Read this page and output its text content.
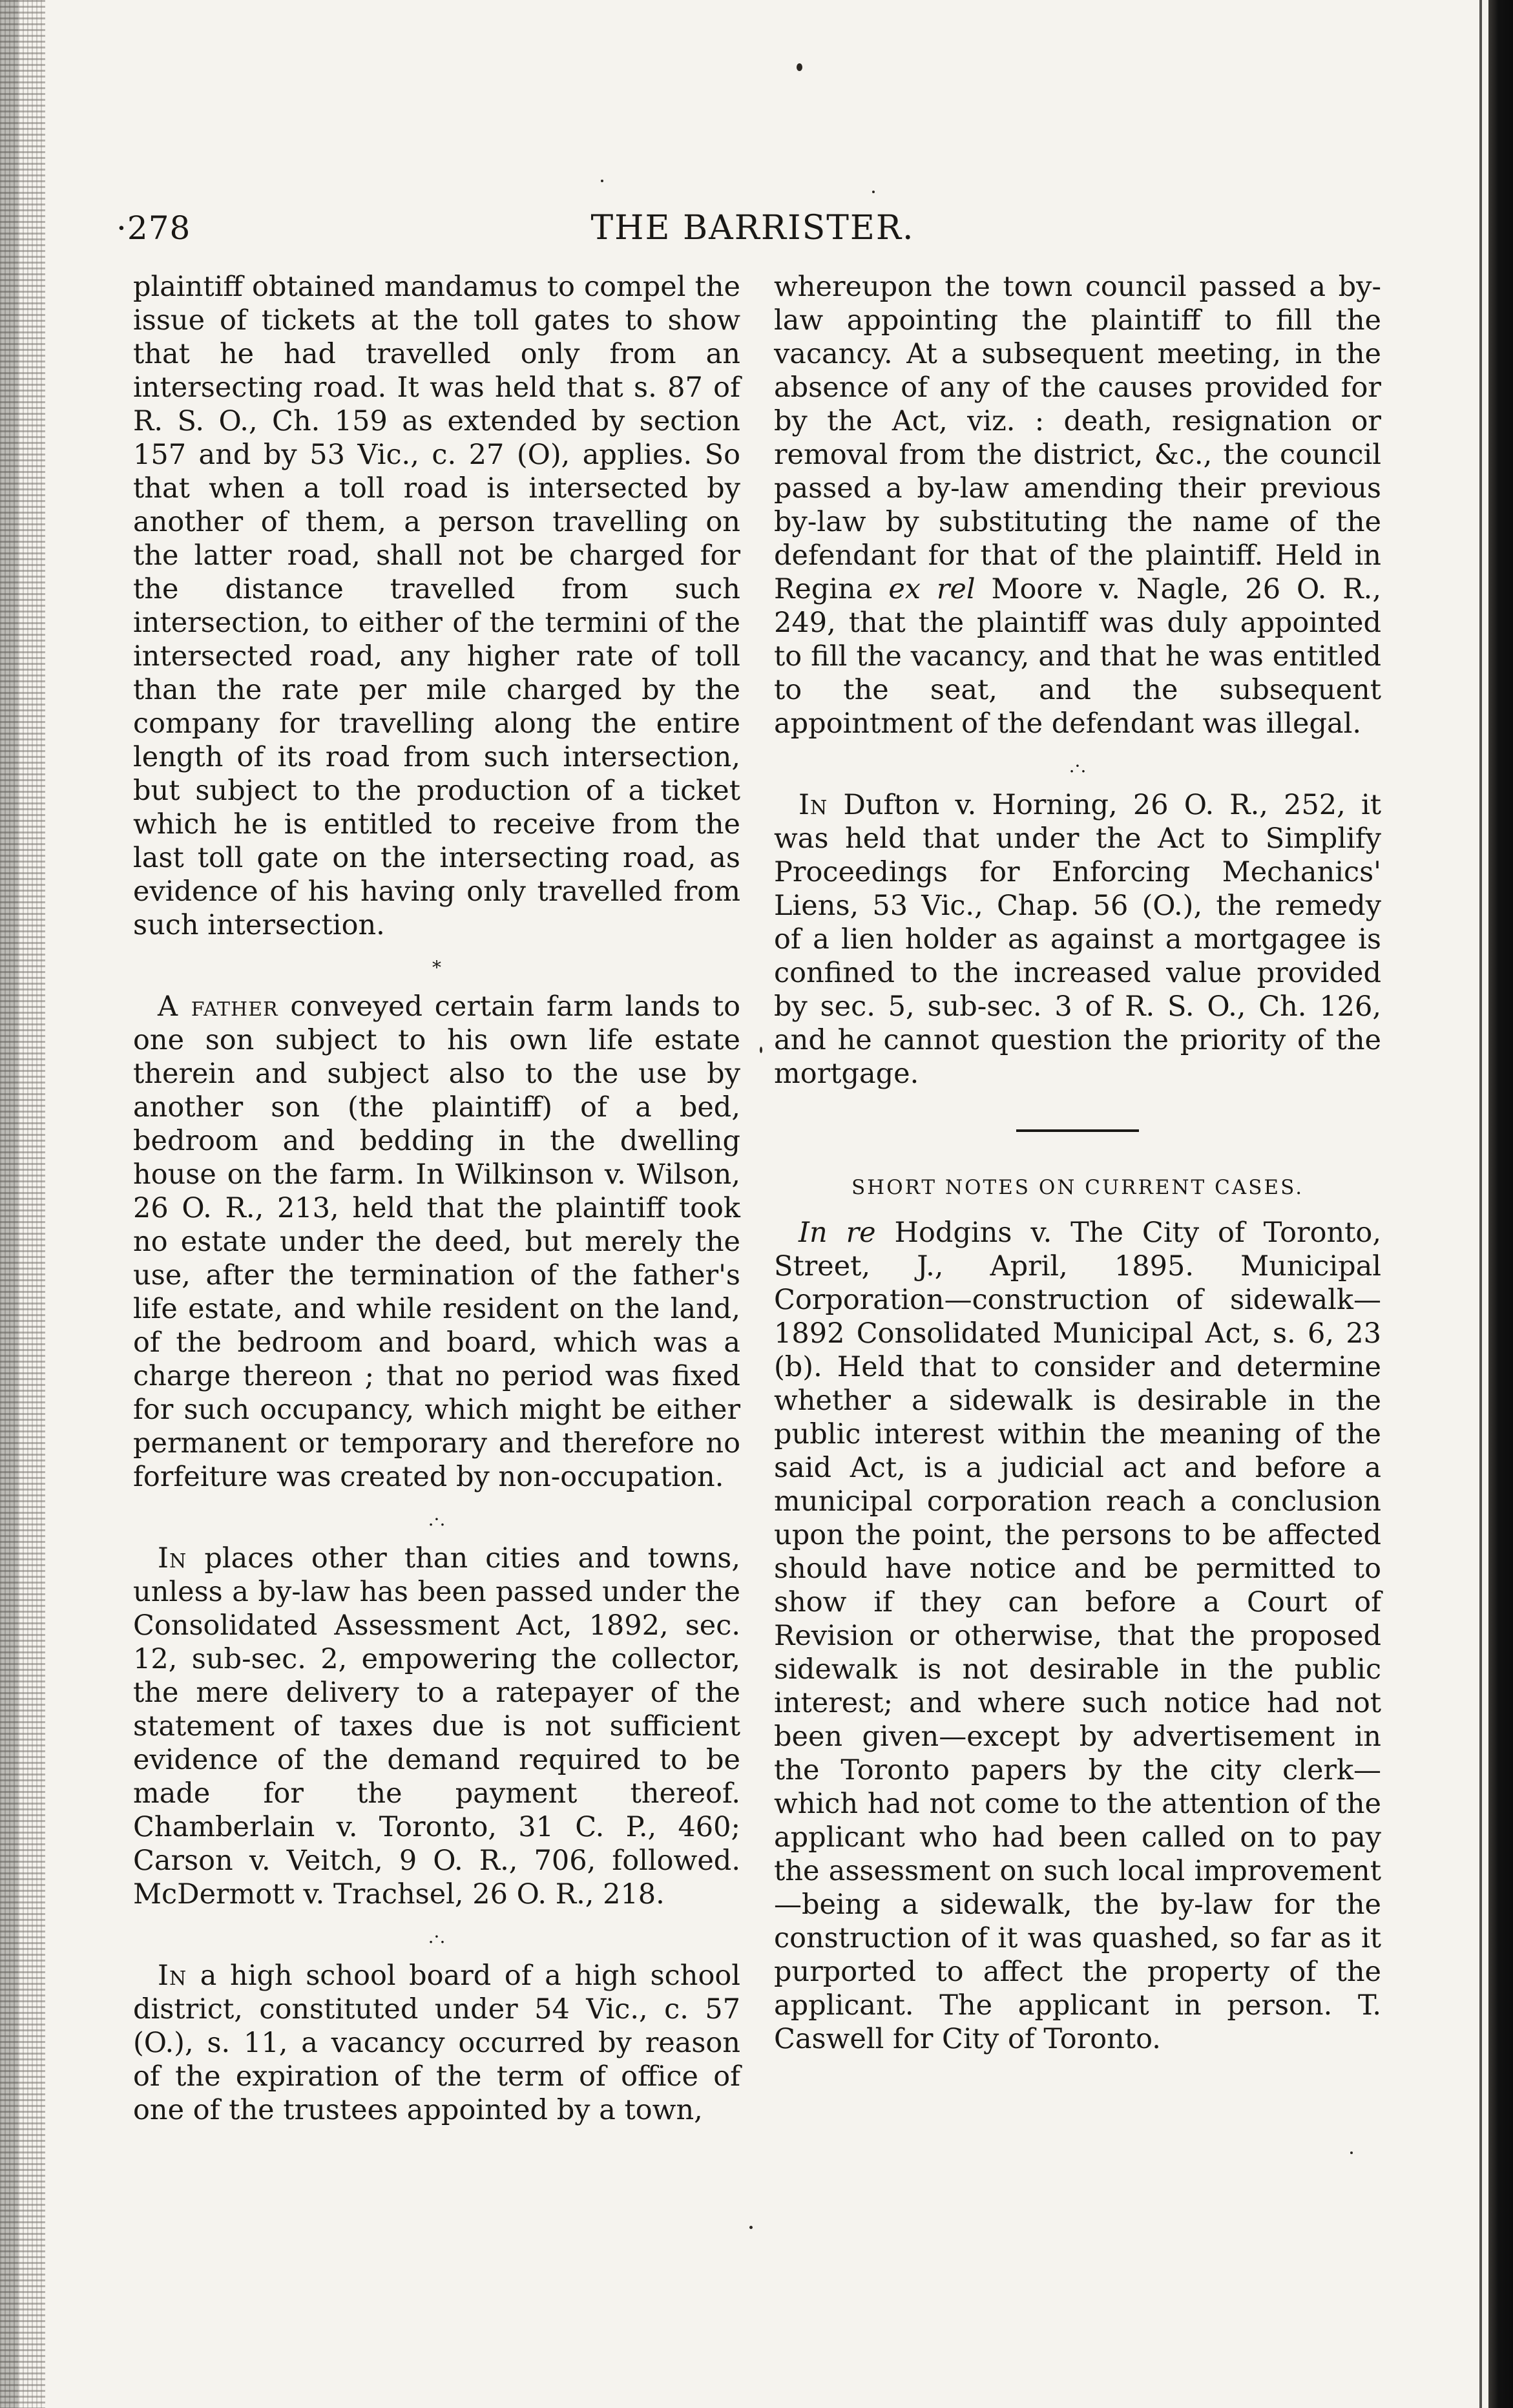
·278	THE BARRISTER.

plaintiff obtained mandamus to compel the issue of tickets at the toll gates to show that he had travelled only from an intersecting road. It was held that s. 87 of R. S. O., Ch. 159 as extended by section 157 and by 53 Vic., c. 27 (O), applies. So that when a toll road is intersected by another of them, a person travelling on the latter road, shall not be charged for the distance travelled from such intersection, to either of the termini of the intersected road, any higher rate of toll than the rate per mile charged by the company for travelling along the entire length of its road from such intersection, but subject to the production of a ticket which he is entitled to receive from the last toll gate on the intersecting road, as evidence of his having only travelled from such intersection.

*

A father conveyed certain farm lands to one son subject to his own life estate therein and subject also to the use by another son (the plaintiff) of a bed, bedroom and bedding in the dwelling house on the farm. In Wilkinson v. Wilson, 26 O. R., 213, held that the plaintiff took no estate under the deed, but merely the use, after the termination of the father's life estate, and while resident on the land, of the bedroom and board, which was a charge thereon ; that no period was fixed for such occupancy, which might be either permanent or temporary and therefore no forfeiture was created by non-occupation.

.·.

In places other than cities and towns, unless a by-law has been passed under the Consolidated Assessment Act, 1892, sec. 12, sub-sec. 2, empowering the collector, the mere delivery to a ratepayer of the statement of taxes due is not sufficient evidence of the demand required to be made for the payment thereof. Chamberlain v. Toronto, 31 C. P., 460; Carson v. Veitch, 9 O. R., 706, followed. McDermott v. Trachsel, 26 O. R., 218.

.·.

In a high school board of a high school district, constituted under 54 Vic., c. 57 (O.), s. 11, a vacancy occurred by reason of the expiration of the term of office of one of the trustees appointed by a town,

whereupon the town council passed a by-law appointing the plaintiff to fill the vacancy. At a subsequent meeting, in the absence of any of the causes provided for by the Act, viz. : death, resignation or removal from the district, &c., the council passed a by-law amending their previous by-law by substituting the name of the defendant for that of the plaintiff. Held in Regina ex rel Moore v. Nagle, 26 O. R., 249, that the plaintiff was duly appointed to fill the vacancy, and that he was entitled to the seat, and the subsequent appointment of the defendant was illegal.

.·.

In Dufton v. Horning, 26 O. R., 252, it was held that under the Act to Simplify Proceedings for Enforcing Mechanics' Liens, 53 Vic., Chap. 56 (O.), the remedy of a lien holder as against a mortgagee is confined to the increased value provided by sec. 5, sub-sec. 3 of R. S. O., Ch. 126, and he cannot question the priority of the mortgage.

SHORT NOTES ON CURRENT CASES.

In re Hodgins v. The City of Toronto, Street, J., April, 1895. Municipal Corporation—construction of sidewalk—1892 Consolidated Municipal Act, s. 6, 23 (b). Held that to consider and determine whether a sidewalk is desirable in the public interest within the meaning of the said Act, is a judicial act and before a municipal corporation reach a conclusion upon the point, the persons to be affected should have notice and be permitted to show if they can before a Court of Revision or otherwise, that the proposed sidewalk is not desirable in the public interest; and where such notice had not been given—except by advertisement in the Toronto papers by the city clerk—which had not come to the attention of the applicant who had been called on to pay the assessment on such local improvement—being a sidewalk, the by-law for the construction of it was quashed, so far as it purported to affect the property of the applicant. The applicant in person. T. Caswell for City of Toronto.
